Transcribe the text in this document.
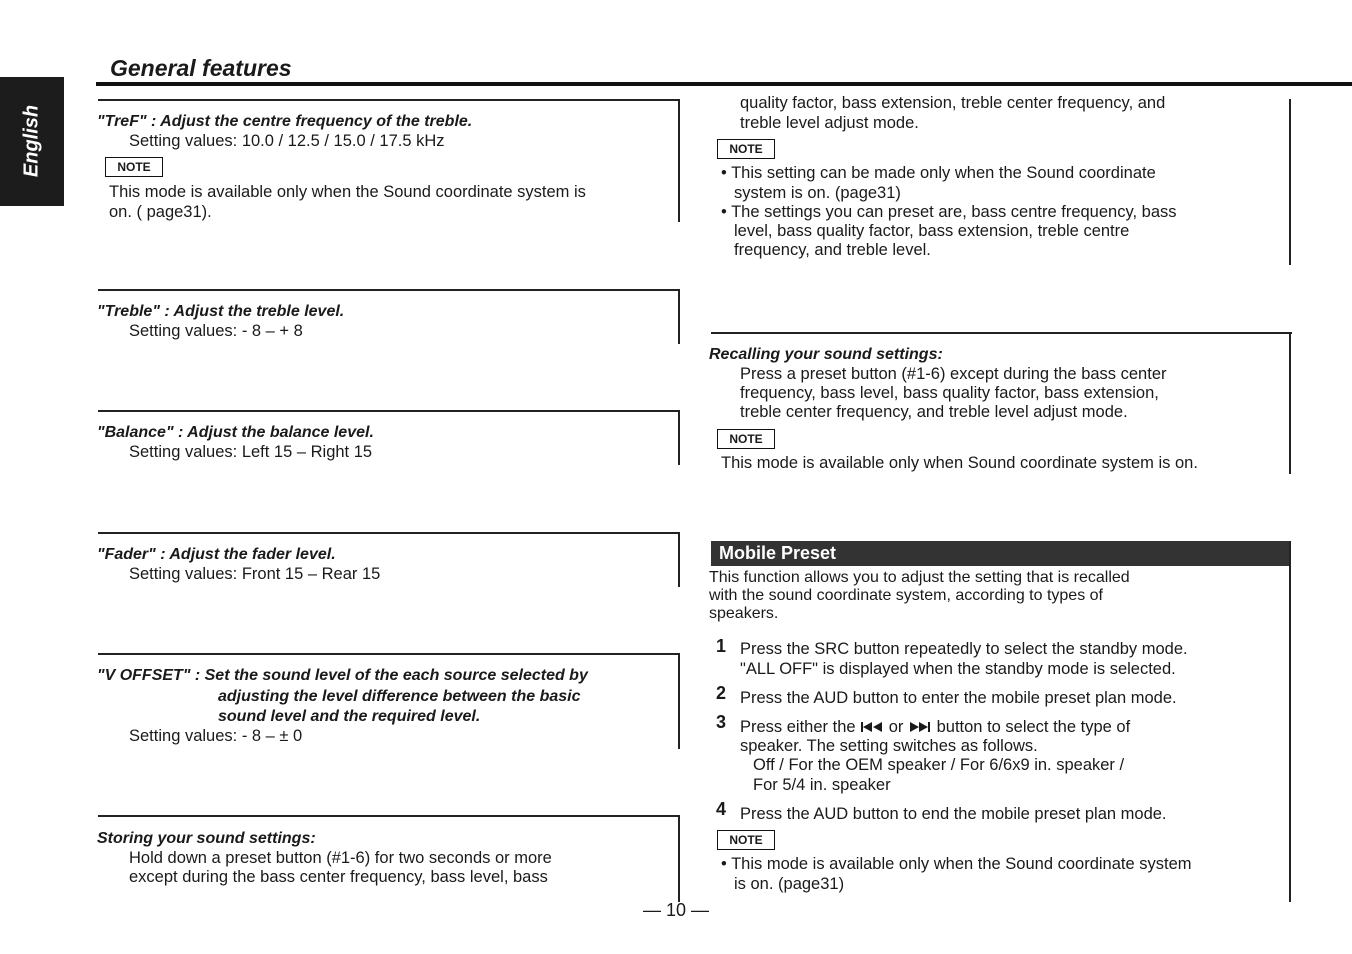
English
General features
"TreF" : Adjust the centre frequency of the treble.
Setting values: 10.0 / 12.5 / 15.0 / 17.5 kHz
NOTE
This mode is available only when the Sound coordinate system is
on. ( page31).
"Treble" : Adjust the treble level.
Setting values: - 8 – + 8
"Balance" : Adjust the balance level.
Setting values: Left 15 – Right 15
"Fader" : Adjust the fader level.
Setting values: Front 15 – Rear 15
"V OFFSET" : Set the sound level of the each source selected by
adjusting the level difference between the basic
sound level and the required level.
Setting values: - 8 – ± 0
Storing your sound settings:
Hold down a preset button (#1-6) for two seconds or more
except during the bass center frequency, bass level, bass
quality factor, bass extension, treble center frequency, and
treble level adjust mode.
NOTE
• This setting can be made only when the Sound coordinate
system is on. (page31)
• The settings you can preset are, bass centre frequency, bass
level, bass quality factor, bass extension, treble centre
frequency, and treble level.
Recalling your sound settings:
Press a preset button (#1-6) except during the bass center
frequency, bass level, bass quality factor, bass extension,
treble center frequency, and treble level adjust mode.
NOTE
This mode is available only when Sound coordinate system is on.
Mobile Preset
This function allows you to adjust the setting that is recalled
with the sound coordinate system, according to types of
speakers.
1 Press the SRC button repeatedly to select the standby mode.
"ALL OFF" is displayed when the standby mode is selected.
2 Press the AUD button to enter the mobile preset plan mode.
3 Press either the or button to select the type of
speaker. The setting switches as follows.
Off / For the OEM speaker / For 6/6x9 in. speaker /
For 5/4 in. speaker
4 Press the AUD button to end the mobile preset plan mode.
NOTE
• This mode is available only when the Sound coordinate system
is on. (page31)
— 10 —
